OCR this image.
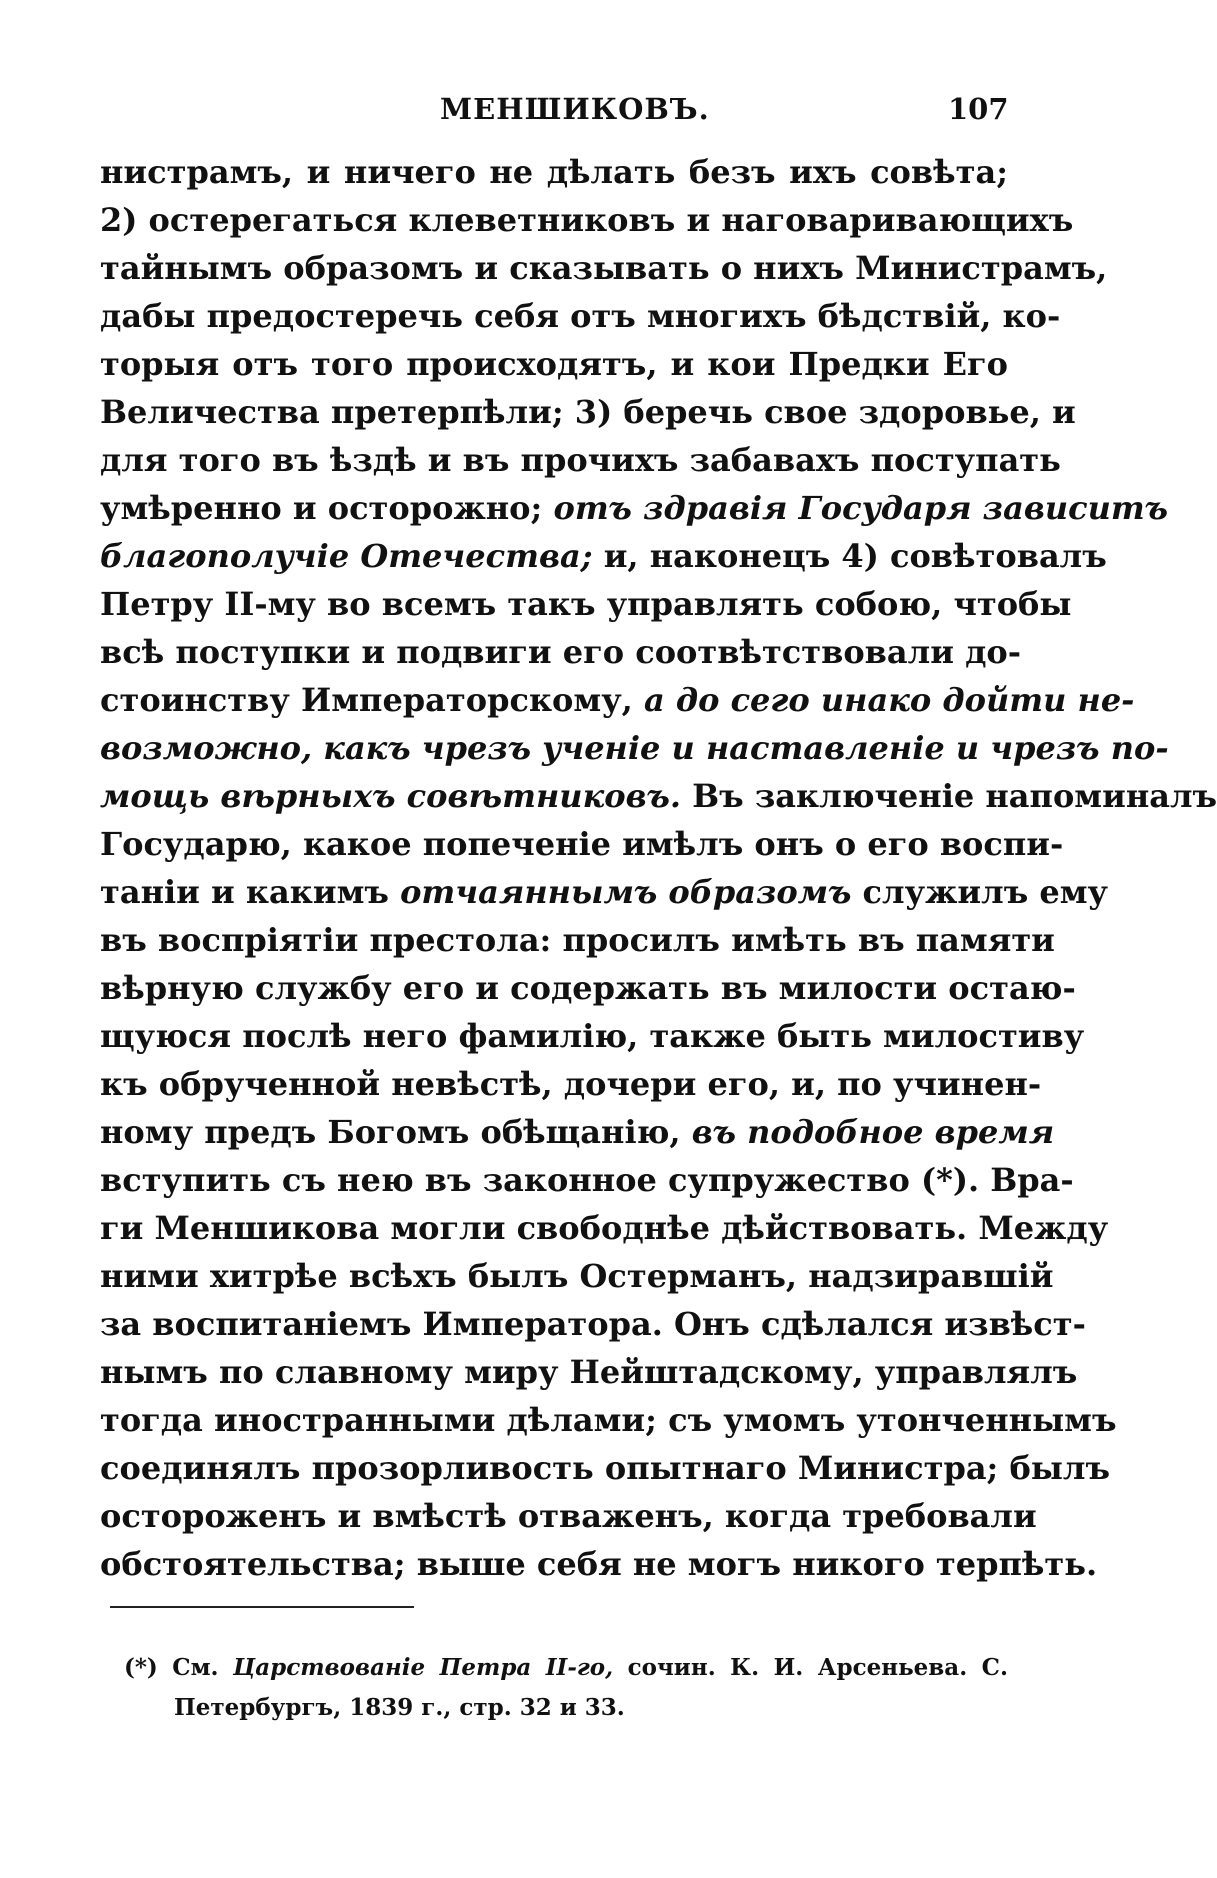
МЕНШИКОВЪ.	107
нистрамъ, и ничего не дѣлать безъ ихъ совѣта;
2) остерегаться клеветниковъ и наговаривающихъ
тайнымъ образомъ и сказывать о нихъ Министрамъ,
дабы предостеречь себя отъ многихъ бѣдствій, ко-
торыя отъ того происходятъ, и кои Предки Его
Величества претерпѣли; 3) беречь свое здоровье, и
для того въ ѣздѣ и въ прочихъ забавахъ поступать
умѣренно и осторожно; отъ здравія Государя зависитъ
благополучіе Отечества; и, наконецъ 4) совѣтовалъ
Петру II-му во всемъ такъ управлять собою, чтобы
всѣ поступки и подвиги его соотвѣтствовали до-
стоинству Императорскому, а до сего инако дойти не-
возможно, какъ чрезъ ученіе и наставленіе и чрезъ по-
мощь вѣрныхъ совѣтниковъ. Въ заключеніе напоминалъ
Государю, какое попеченіе имѣлъ онъ о его воспи-
таніи и какимъ отчаяннымъ образомъ служилъ ему
въ воспріятіи престола: просилъ имѣть въ памяти
вѣрную службу его и содержать въ милости остаю-
щуюся послѣ него фамилію, также быть милостиву
къ обрученной невѣстѣ, дочери его, и, по учинен-
ному предъ Богомъ обѣщанію, въ подобное время
вступить съ нею въ законное супружество (*). Вра-
ги Меншикова могли свободнѣе дѣйствовать. Между
ними хитрѣе всѣхъ былъ Остерманъ, надзиравшій
за воспитаніемъ Императора. Онъ сдѣлался извѣст-
нымъ по славному миру Нейштадскому, управлялъ
тогда иностранными дѣлами; съ умомъ утонченнымъ
соединялъ прозорливость опытнаго Министра; былъ
остороженъ и вмѣстѣ отваженъ, когда требовали
обстоятельства; выше себя не могъ никого терпѣть.
(*) См. Царствованіе Петра II-го, сочин. К. И. Арсеньева. С.
Петербургъ, 1839 г., стр. 32 и 33.
